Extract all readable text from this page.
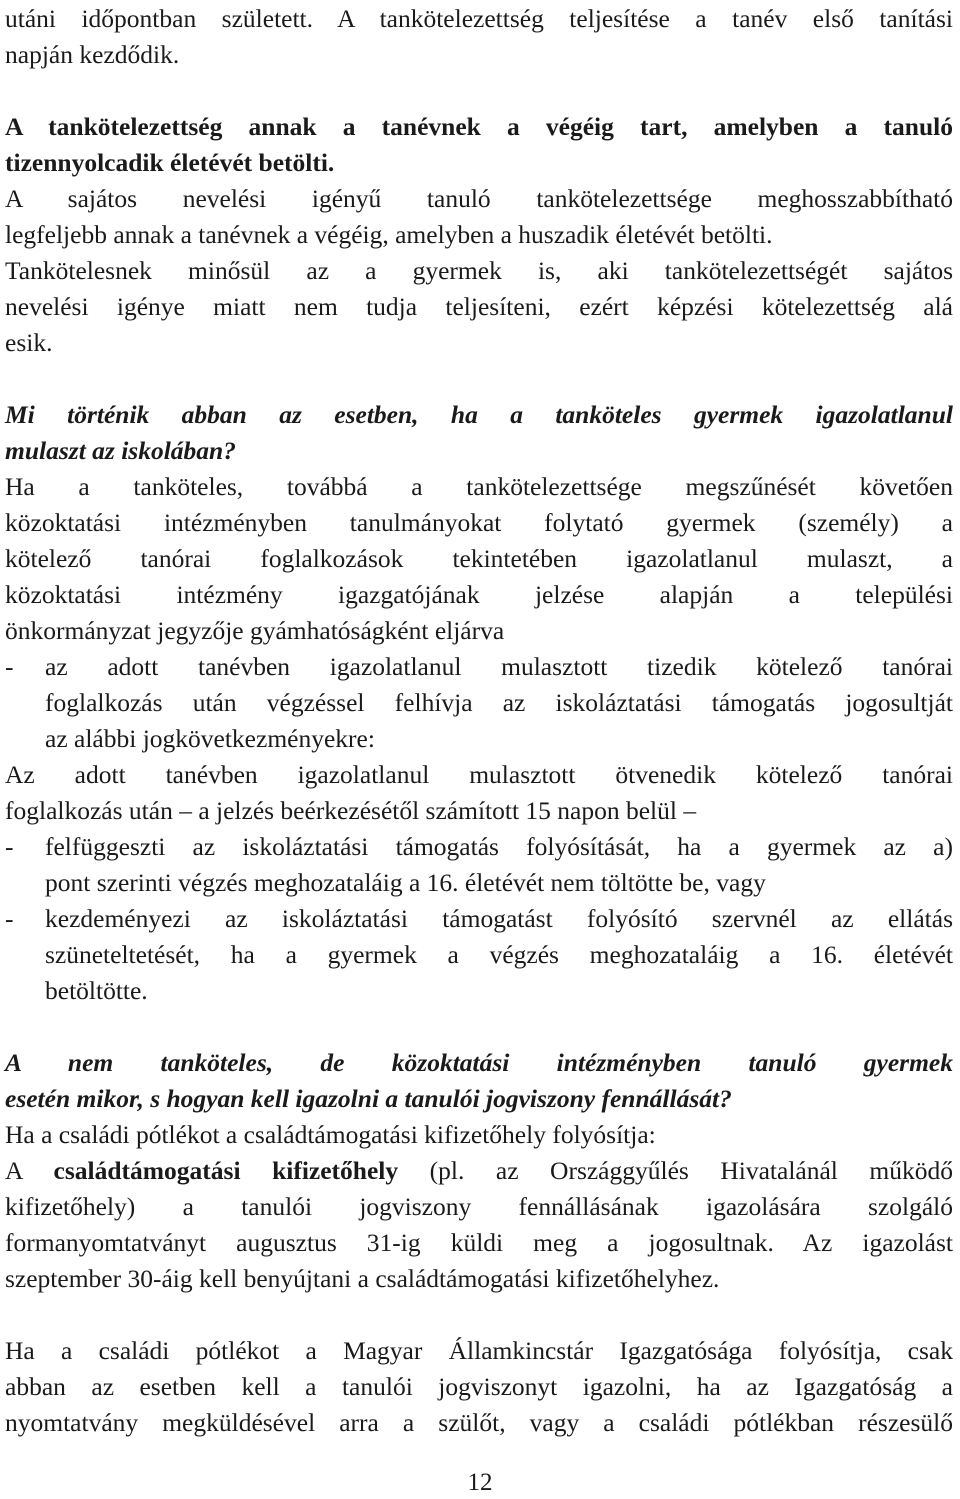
utáni időpontban született. A tankötelezettség teljesítése a tanév első tanítási

napján kezdődik.

A tankötelezettség annak a tanévnek a végéig tart, amelyben a tanuló

tizennyolcadik életévét betölti.

A sajátos nevelési igényű tanuló tankötelezettsége meghosszabbítható

legfeljebb annak a tanévnek a végéig, amelyben a huszadik életévét betölti.

Tankötelesnek minősül az a gyermek is, aki tankötelezettségét sajátos

nevelési igénye miatt nem tudja teljesíteni, ezért képzési kötelezettség alá

esik.

Mi történik abban az esetben, ha a tanköteles gyermek igazolatlanul

mulaszt az iskolában?

Ha a tanköteles, továbbá a tankötelezettsége megszűnését követően

közoktatási intézményben tanulmányokat folytató gyermek (személy) a

kötelező tanórai foglalkozások tekintetében igazolatlanul mulaszt, a

közoktatási intézmény igazgatójának jelzése alapján a települési

önkormányzat jegyzője gyámhatóságként eljárva

- az adott tanévben igazolatlanul mulasztott tizedik kötelező tanórai

foglalkozás után végzéssel felhívja az iskoláztatási támogatás jogosultját

az alábbi jogkövetkezményekre:

Az adott tanévben igazolatlanul mulasztott ötvenedik kötelező tanórai

foglalkozás után – a jelzés beérkezésétől számított 15 napon belül –

- felfüggeszti az iskoláztatási támogatás folyósítását, ha a gyermek az a)

pont szerinti végzés meghozataláig a 16. életévét nem töltötte be, vagy

- kezdeményezi az iskoláztatási támogatást folyósító szervnél az ellátás

szüneteltetését, ha a gyermek a végzés meghozataláig a 16. életévét

betöltötte.

A nem tanköteles, de közoktatási intézményben tanuló gyermek

esetén mikor, s hogyan kell igazolni a tanulói jogviszony fennállását?

Ha a családi pótlékot a családtámogatási kifizetőhely folyósítja:

A családtámogatási kifizetőhely (pl. az Országgyűlés Hivatalánál működő

kifizetőhely) a tanulói jogviszony fennállásának igazolására szolgáló

formanyomtatványt augusztus 31-ig küldi meg a jogosultnak. Az igazolást

szeptember 30-áig kell benyújtani a családtámogatási kifizetőhelyhez.

Ha a családi pótlékot a Magyar Államkincstár Igazgatósága folyósítja, csak

abban az esetben kell a tanulói jogviszonyt igazolni, ha az Igazgatóság a

nyomtatvány megküldésével arra a szülőt, vagy a családi pótlékban részesülő

12
